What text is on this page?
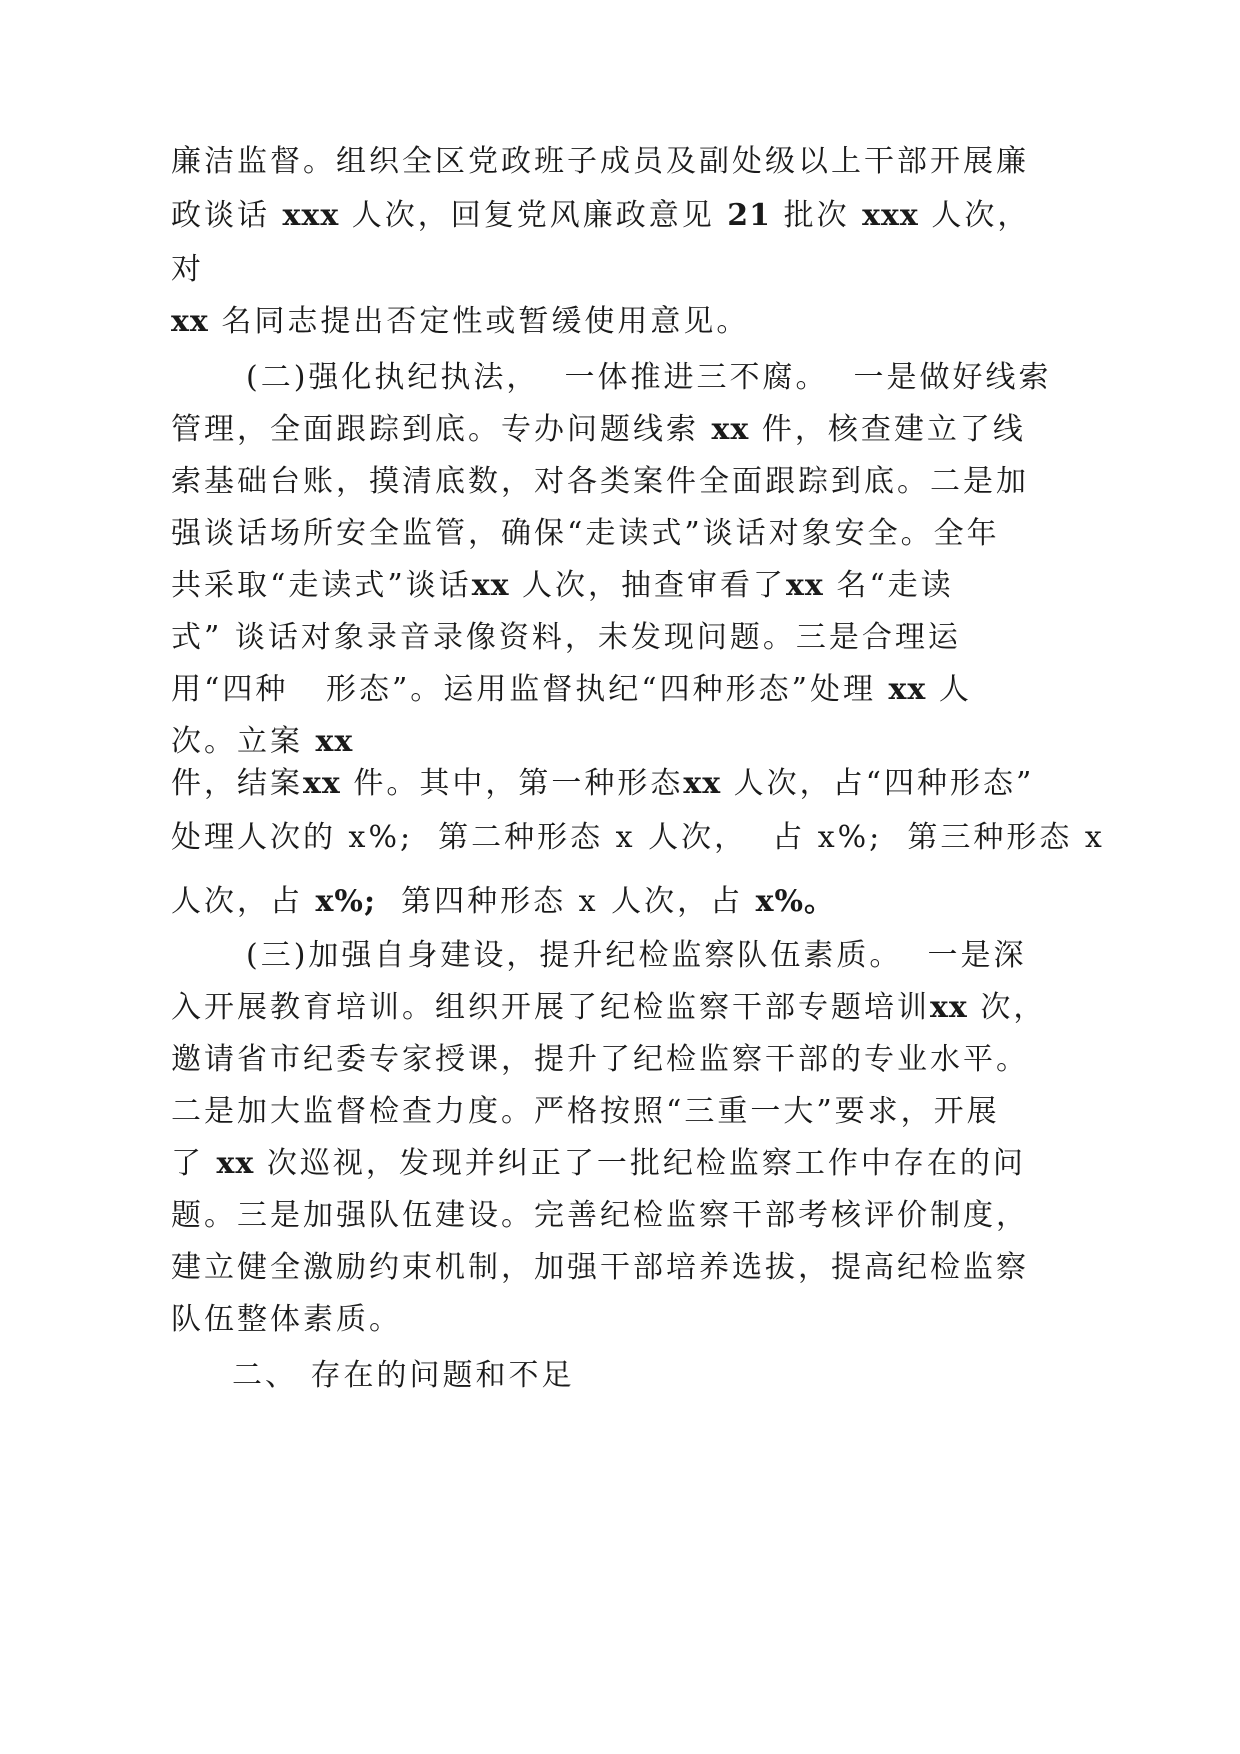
廉洁监督。组织全区党政班子成员及副处级以上干部开展廉
政谈话 xxx 人次，回复党风廉政意见 21 批次 xxx 人次，
对
xx 名同志提出否定性或暂缓使用意见。
(二)强化执纪执法，  一体推进三不腐。  一是做好线索
管理，全面跟踪到底。专办问题线索 xx 件，核查建立了线
索基础台账，摸清底数，对各类案件全面跟踪到底。二是加
强谈话场所安全监管，确保“走读式”谈话对象安全。全年
共采取“走读式”谈话xx 人次，抽查审看了xx 名“走读
式” 谈话对象录音录像资料，未发现问题。三是合理运
用“四种   形态”。运用监督执纪“四种形态”处理 xx 人
次。立案 xx
件，结案xx 件。其中，第一种形态xx 人次，占“四种形态”
处理人次的 x%;  第二种形态 x 人次，  占 x%;  第三种形态 x
人次，占 x%;  第四种形态 x 人次，占 x%。
(三)加强自身建设，提升纪检监察队伍素质。  一是深
入开展教育培训。组织开展了纪检监察干部专题培训xx 次，
邀请省市纪委专家授课，提升了纪检监察干部的专业水平。
二是加大监督检查力度。严格按照“三重一大”要求，开展
了 xx 次巡视，发现并纠正了一批纪检监察工作中存在的问
题。三是加强队伍建设。完善纪检监察干部考核评价制度，
建立健全激励约束机制，加强干部培养选拔，提高纪检监察
队伍整体素质。
二、 存在的问题和不足
